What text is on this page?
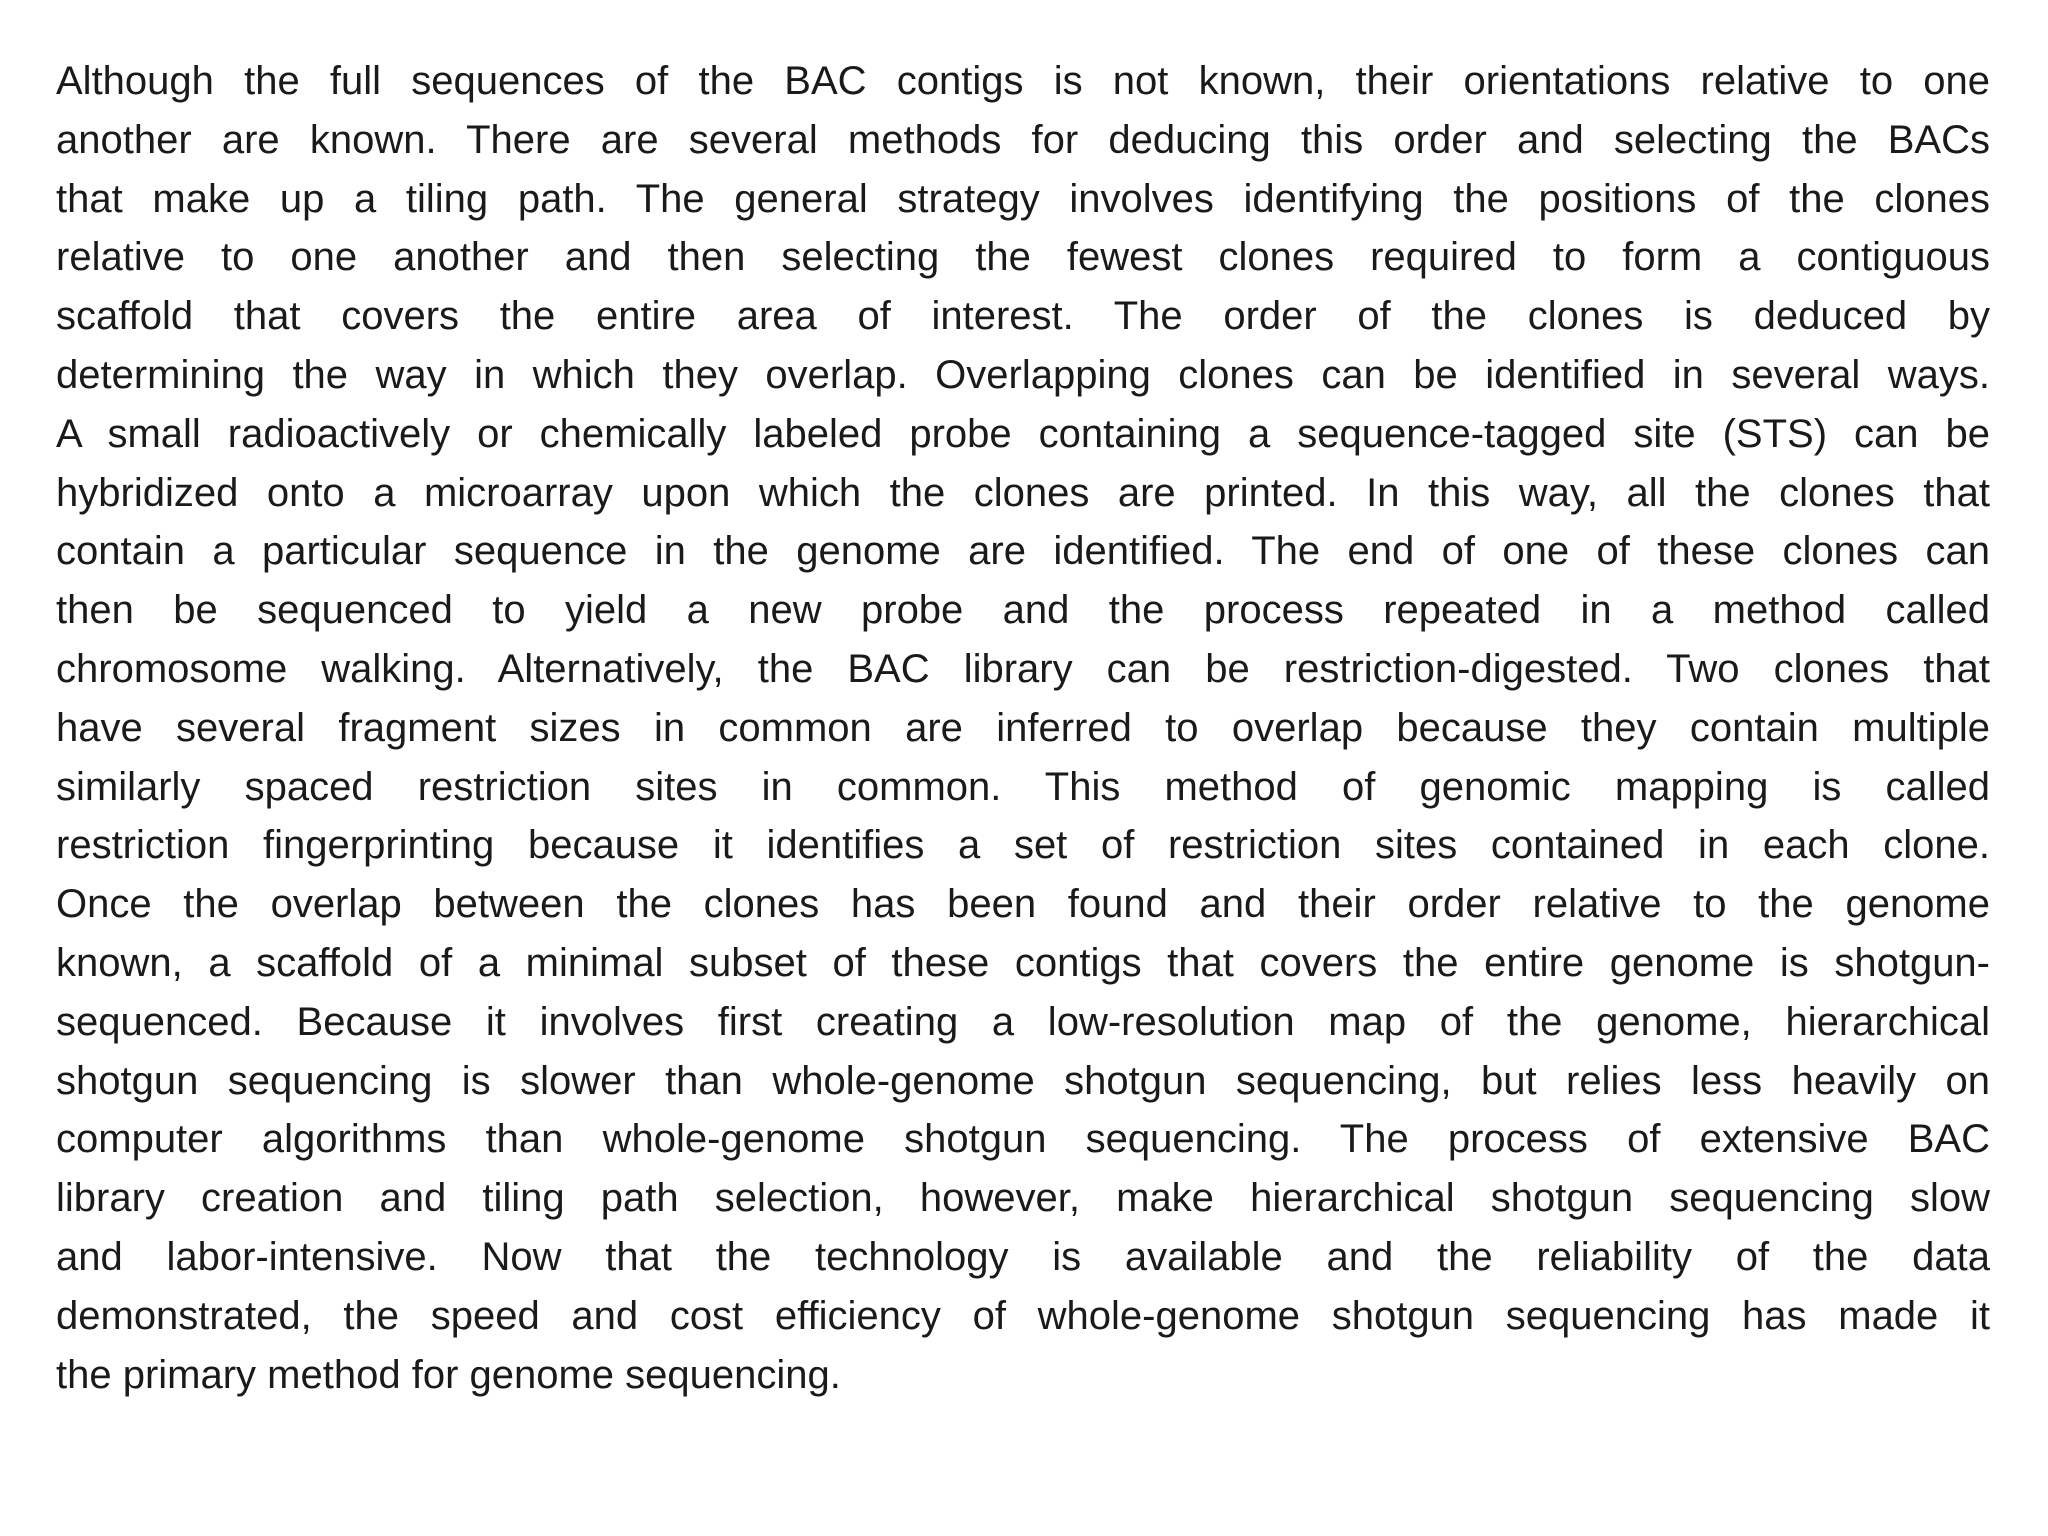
Although the full sequences of the BAC contigs is not known, their orientations relative to one
another are known. There are several methods for deducing this order and selecting the BACs
that make up a tiling path. The general strategy involves identifying the positions of the clones
relative to one another and then selecting the fewest clones required to form a contiguous
scaffold that covers the entire area of interest. The order of the clones is deduced by
determining the way in which they overlap. Overlapping clones can be identified in several ways.
A small radioactively or chemically labeled probe containing a sequence-tagged site (STS) can be
hybridized onto a microarray upon which the clones are printed. In this way, all the clones that
contain a particular sequence in the genome are identified. The end of one of these clones can
then be sequenced to yield a new probe and the process repeated in a method called
chromosome walking. Alternatively, the BAC library can be restriction-digested. Two clones that
have several fragment sizes in common are inferred to overlap because they contain multiple
similarly spaced restriction sites in common. This method of genomic mapping is called
restriction fingerprinting because it identifies a set of restriction sites contained in each clone.
Once the overlap between the clones has been found and their order relative to the genome
known, a scaffold of a minimal subset of these contigs that covers the entire genome is shotgun-
sequenced. Because it involves first creating a low-resolution map of the genome, hierarchical
shotgun sequencing is slower than whole-genome shotgun sequencing, but relies less heavily on
computer algorithms than whole-genome shotgun sequencing. The process of extensive BAC
library creation and tiling path selection, however, make hierarchical shotgun sequencing slow
and labor-intensive. Now that the technology is available and the reliability of the data
demonstrated, the speed and cost efficiency of whole-genome shotgun sequencing has made it
the primary method for genome sequencing.
